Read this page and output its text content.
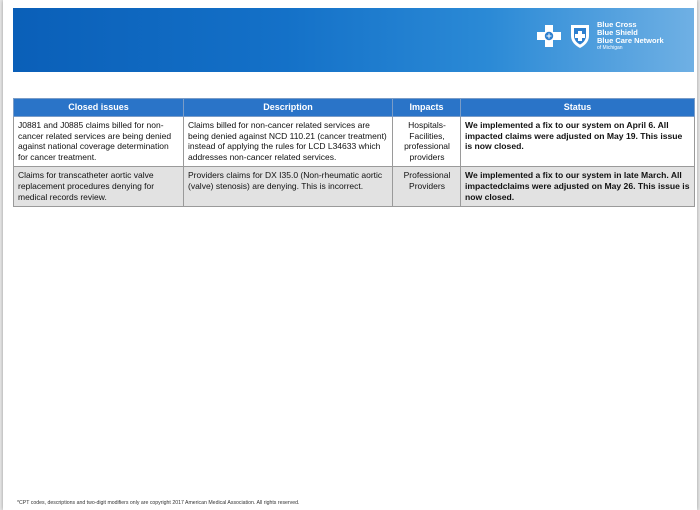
Blue Cross
Blue Shield
Blue Care Network
of Michigan
Closed issues	Description	Impacts	Status
J0881 and J0885 claims billed for non-cancer related services are being denied against national coverage determination for cancer treatment.	Claims billed for non-cancer related services are being denied against NCD 110.21 (cancer treatment) instead of applying the rules for LCD L34633 which addresses non-cancer related services.	Hospitals- Facilities, professional providers	We implemented a fix to our system on April 6. All impacted claims were adjusted on May 19. This issue is now closed.
Claims for transcatheter aortic valve replacement procedures denying for medical records review.	Providers claims for DX I35.0 (Non-rheumatic aortic (valve) stenosis) are denying. This is incorrect.	Professional Providers	We implemented a fix to our system in late March. All impactedclaims were adjusted on May 26. This issue is now closed.
*CPT codes, descriptions and two-digit modifiers only are copyright 2017 American Medical Association. All rights reserved.
